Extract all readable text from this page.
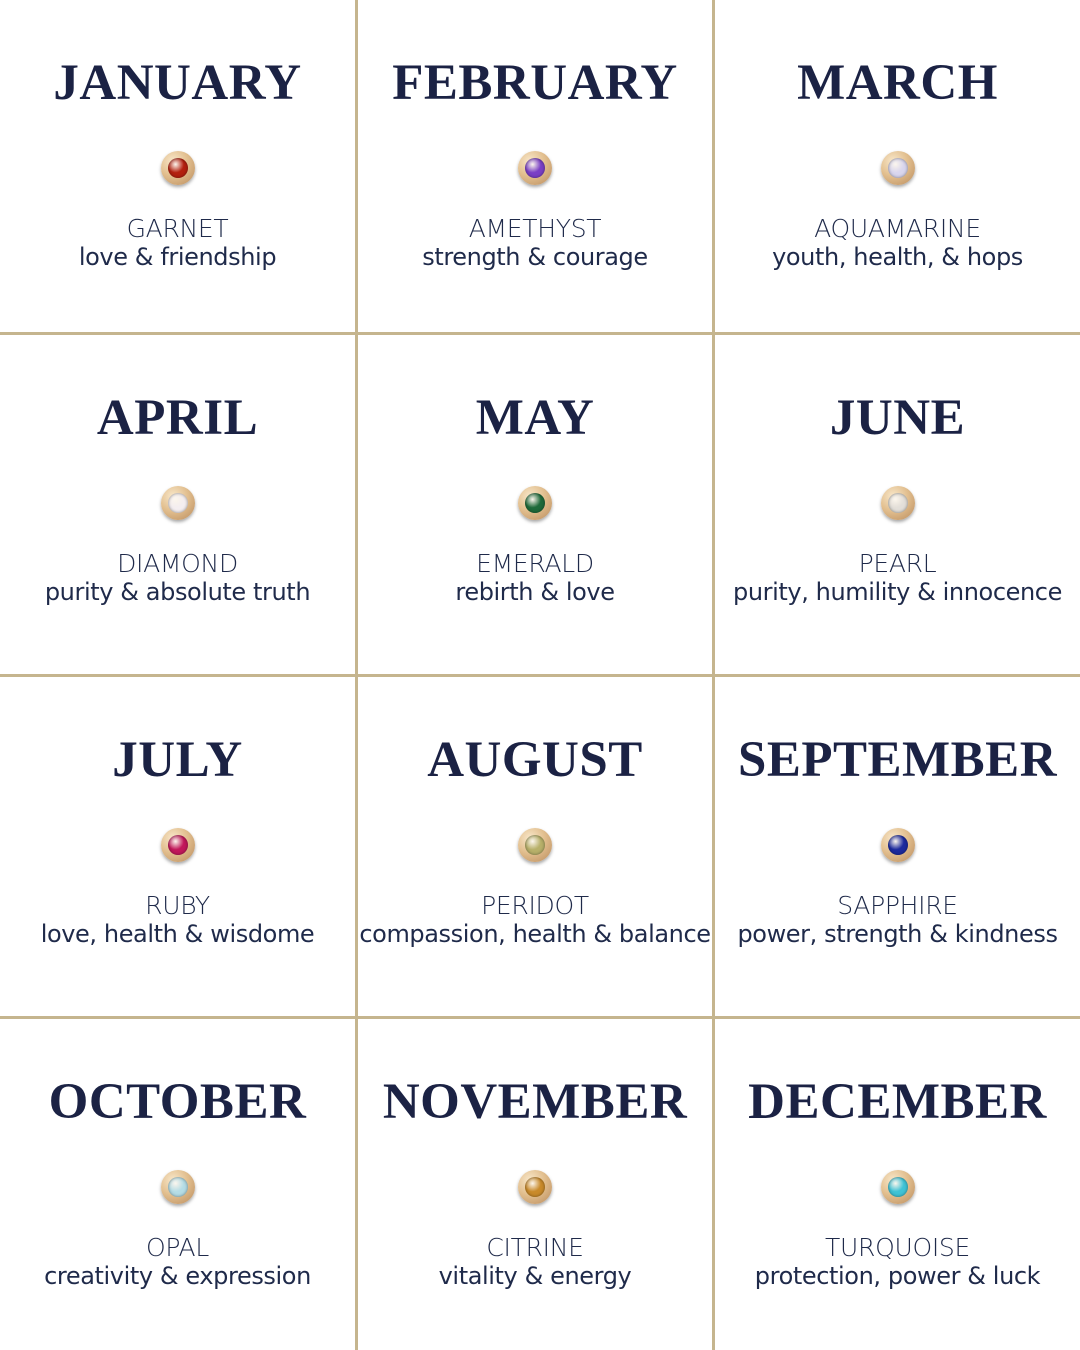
JANUARY
GARNET
love & friendship
FEBRUARY
AMETHYST
strength & courage
MARCH
AQUAMARINE
youth, health, & hops
APRIL
DIAMOND
purity & absolute truth
MAY
EMERALD
rebirth & love
JUNE
PEARL
purity, humility & innocence
JULY
RUBY
love, health & wisdome
AUGUST
PERIDOT
compassion, health & balance
SEPTEMBER
SAPPHIRE
power, strength & kindness
OCTOBER
OPAL
creativity & expression
NOVEMBER
CITRINE
vitality & energy
DECEMBER
TURQUOISE
protection, power & luck
